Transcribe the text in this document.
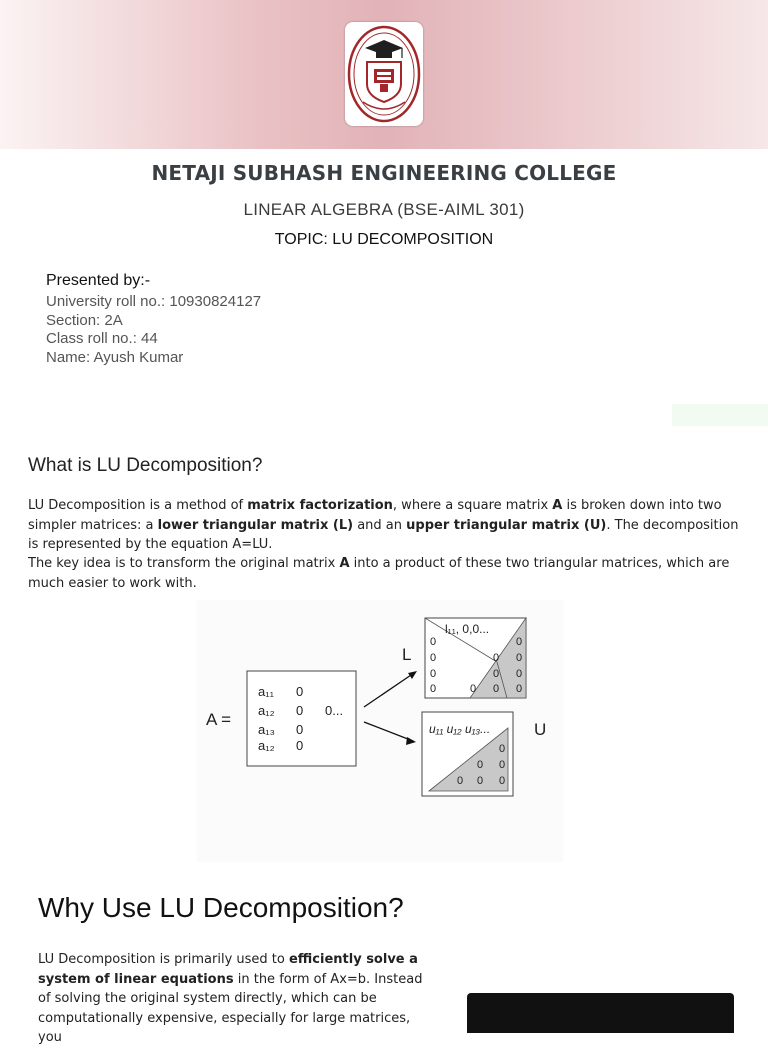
NETAJI SUBHASH ENGINEERING COLLEGE
LINEAR ALGEBRA (BSE-AIML 301)
TOPIC: LU DECOMPOSITION
Presented by:-
University roll no.: 10930824127
Section: 2A
Class roll no.: 44
Name: Ayush Kumar
What is LU Decomposition?
LU Decomposition is a method of matrix factorization, where a square matrix A is broken down into two simpler matrices: a lower triangular matrix (L) and an upper triangular matrix (U). The decomposition is represented by the equation A=LU.
The key idea is to transform the original matrix A into a product of these two triangular matrices, which are much easier to work with.
A =
a₁₁
a₁₂
a₁₃
a₁₂
0
0
0
0
0...
L
l₁₁, 0,0...
0
0
0
0
0
0 0
0 0
0 0 0
u₁₁ u₁₂ u₁₃...
0
0 0
0 0 0
U
Why Use LU Decomposition?
LU Decomposition is primarily used to efficiently solve a system of linear equations in the form of Ax=b. Instead of solving the original system directly, which can be computationally expensive, especially for large matrices, you
